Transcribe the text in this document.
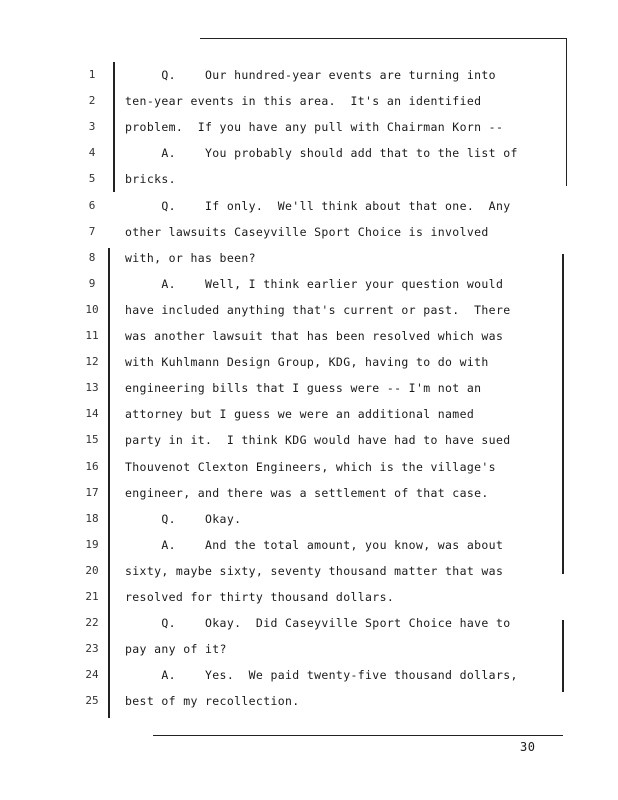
1	Q.    Our hundred-year events are turning into
2	ten-year events in this area.  It's an identified
3	problem.  If you have any pull with Chairman Korn --
4	A.    You probably should add that to the list of
5	bricks.
6	Q.    If only.  We'll think about that one.  Any
7	other lawsuits Caseyville Sport Choice is involved
8	with, or has been?
9	A.    Well, I think earlier your question would
10	have included anything that's current or past.  There
11	was another lawsuit that has been resolved which was
12	with Kuhlmann Design Group, KDG, having to do with
13	engineering bills that I guess were -- I'm not an
14	attorney but I guess we were an additional named
15	party in it.  I think KDG would have had to have sued
16	Thouvenot Clexton Engineers, which is the village's
17	engineer, and there was a settlement of that case.
18	Q.    Okay.
19	A.    And the total amount, you know, was about
20	sixty, maybe sixty, seventy thousand matter that was
21	resolved for thirty thousand dollars.
22	Q.    Okay.  Did Caseyville Sport Choice have to
23	pay any of it?
24	A.    Yes.  We paid twenty-five thousand dollars,
25	best of my recollection.
30
